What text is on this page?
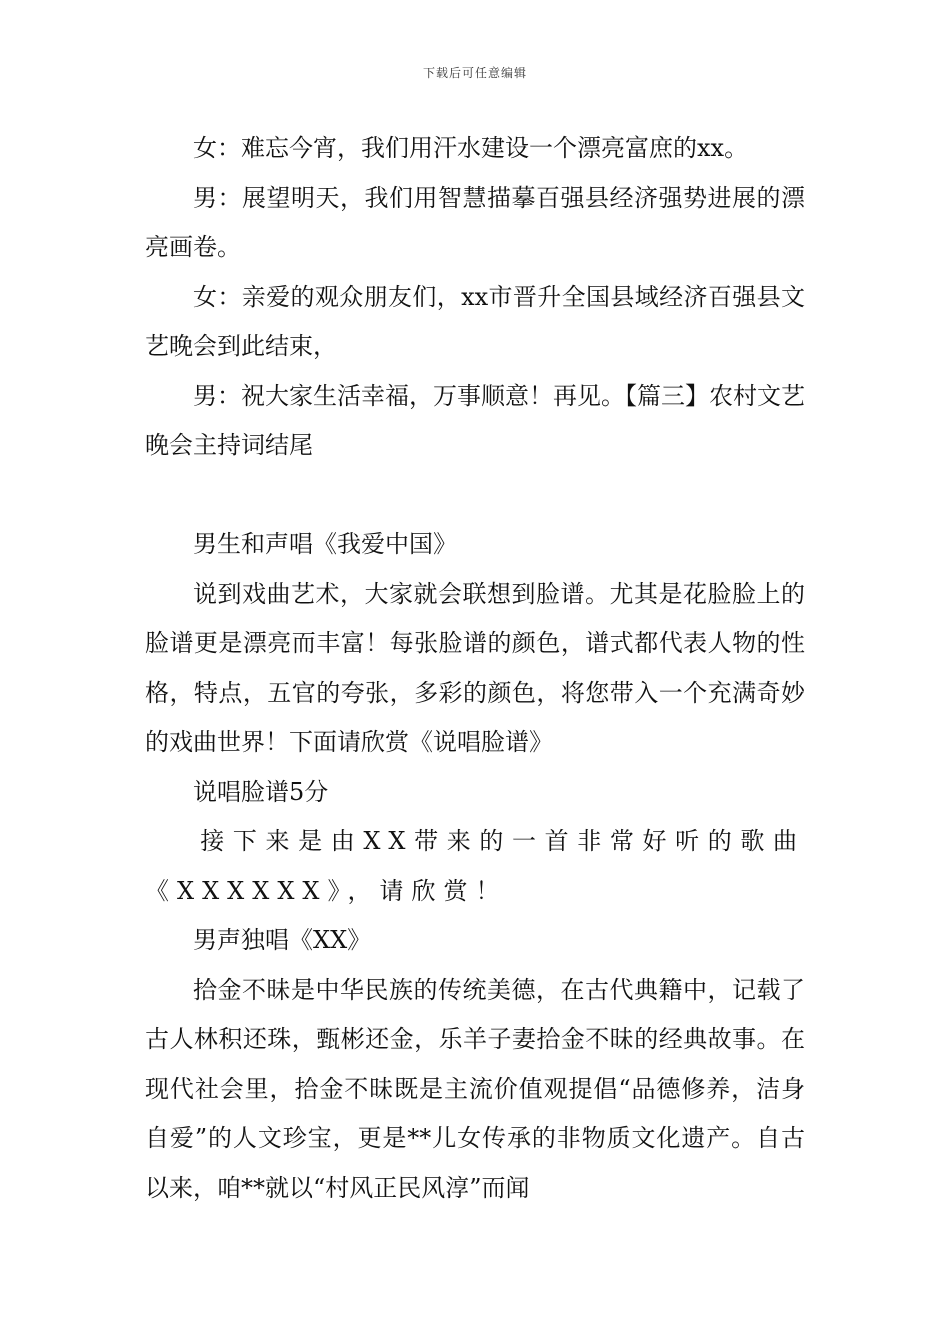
下载后可任意编辑

女：难忘今宵，我们用汗水建设一个漂亮富庶的xx。

男：展望明天，我们用智慧描摹百强县经济强势进展的漂亮画卷。

女：亲爱的观众朋友们，xx市晋升全国县域经济百强县文艺晚会到此结束，

男：祝大家生活幸福，万事顺意！再见。【篇三】农村文艺晚会主持词结尾

男生和声唱《我爱中国》

说到戏曲艺术，大家就会联想到脸谱。尤其是花脸脸上的脸谱更是漂亮而丰富！每张脸谱的颜色，谱式都代表人物的性格，特点，五官的夸张，多彩的颜色，将您带入一个充满奇妙的戏曲世界！下面请欣赏《说唱脸谱》

说唱脸谱5分

接下来是由XX带来的一首非常好听的歌曲《XXXXXX》，请欣赏！

男声独唱《XX》

拾金不昧是中华民族的传统美德，在古代典籍中，记载了古人林积还珠，甄彬还金，乐羊子妻拾金不昧的经典故事。在现代社会里，拾金不昧既是主流价值观提倡“品德修养，洁身自爱”的人文珍宝，更是**儿女传承的非物质文化遗产。自古以来，咱**就以“村风正民风淳”而闻
